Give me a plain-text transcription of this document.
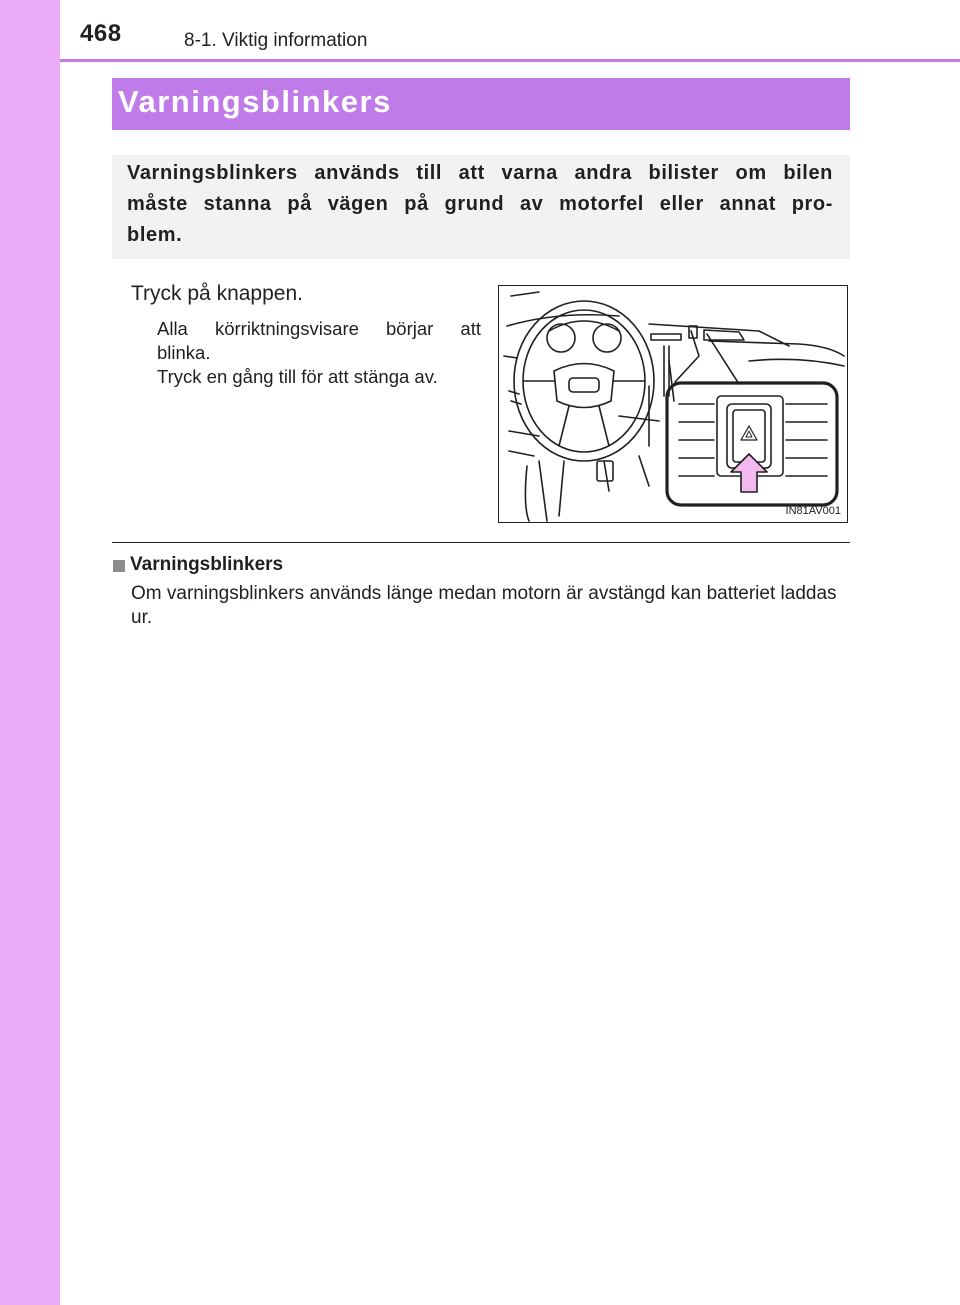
468	8-1. Viktig information
Varningsblinkers
Varningsblinkers används till att varna andra bilister om bilen måste stanna på vägen på grund av motorfel eller annat pro-blem.
Tryck på knappen.
Alla körriktningsvisare börjar att
blinka.
Tryck en gång till för att stänga av.
IN81AV001
Varningsblinkers
Om varningsblinkers används länge medan motorn är avstängd kan batteriet laddas ur.
